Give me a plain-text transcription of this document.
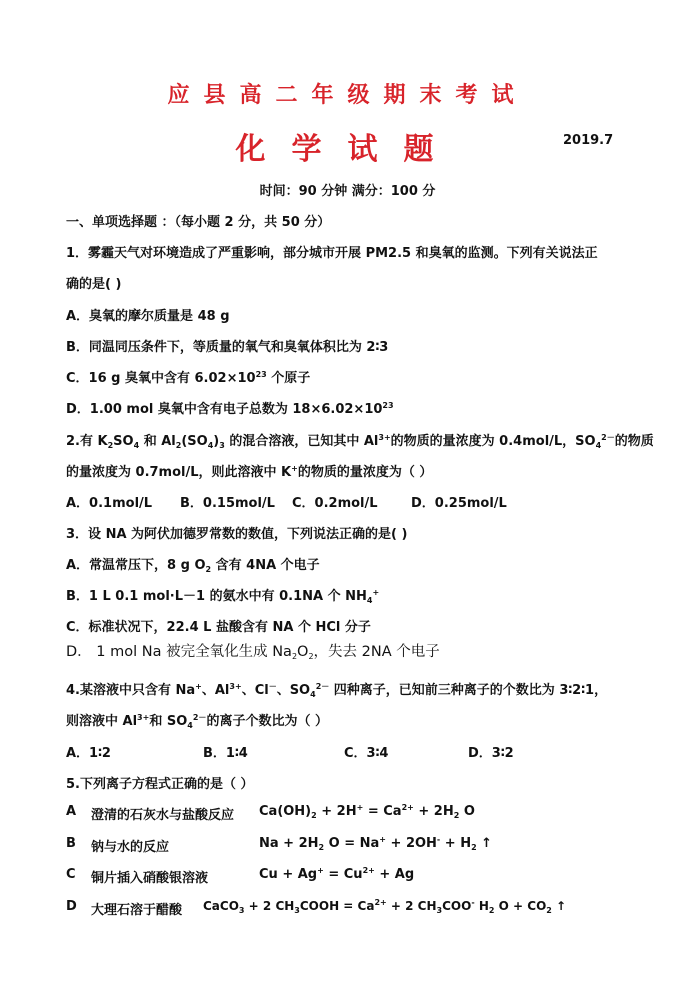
应县高二年级期末考试
化学试题	2019.7
时间：90 分钟 满分：100 分
一、单项选择题 ：（每小题 2 分，共 50 分）
1．雾霾天气对环境造成了严重影响，部分城市开展 PM2.5 和臭氧的监测。下列有关说法正
确的是( )
A．臭氧的摩尔质量是 48 g
B．同温同压条件下，等质量的氧气和臭氧体积比为 2∶3
C．16 g 臭氧中含有 $6.02\times 10^{23}$ 个原子
D．1.00 mol 臭氧中含有电子总数为 $18\times 6.02\times 10^{23}$
2.有 $K_2SO_4$ 和 $Al_2(SO_4)_3$ 的混合溶液，已知其中 $Al^{3+}$的物质的量浓度为 0.4mol/L，$SO_4^{2-}$的物质
的量浓度为 0.7mol/L，则此溶液中 K+的物质的量浓度为（ ）
A．0.1mol/L B．0.15mol/L C．0.2mol/L	D．0.25mol/L
3．设 NA 为阿伏加德罗常数的数值，下列说法正确的是( )
A．常温常压下，8 g $O_2$ 含有 4NA 个电子
B．1 L 0.1 mol·L－1 的氨水中有 0.1NA 个 $NH_4^+$
C．标准状况下，22.4 L 盐酸含有 NA 个 HCl 分子
D． 1 mol Na 被完全氧化生成 $Na_2O_2$，失去 2NA 个电子
4.某溶液中只含有 Na+、$Al^{3+}$、Cl－、$SO_4^{2-}$ 四种离子，已知前三种离子的个数比为 3∶2∶1，
则溶液中 $Al^{3+}$和 $SO_4^{2-}$的离子个数比为（ ）
A．1∶2	B．1∶4	C．3∶4	D．3∶2
5.下列离子方程式正确的是（ ）
A 澄清的石灰水与盐酸反应 $Ca(OH)_2 + 2H^+ = Ca^{2+} + 2H_2$ O
B 钠与水的反应	$Na + 2H_2$ $O = Na^+ + 2OH^- + H_2$ ↑
C 铜片插入硝酸银溶液	$Cu + Ag^+ = Cu^{2+} + Ag$
D 大理石溶于醋酸 CaCO$_3$ + 2 $CH_3COOH = Ca^{2+} + 2$ $CH_3COO^-$ $H_2$ $O + CO_2$ ↑
